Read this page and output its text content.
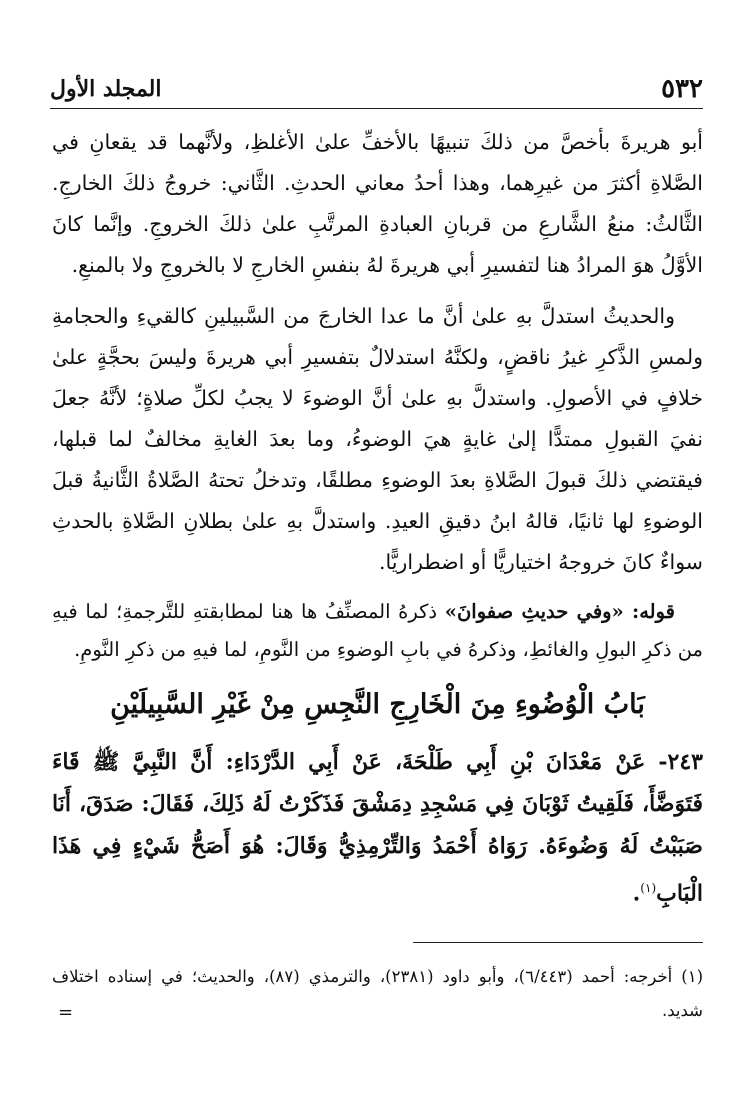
٥٣٢
المجلد الأول

أبو هريرةَ بأخصَّ من ذلكَ تنبيهًا بالأخفِّ علىٰ الأغلظِ، ولأنَّهما قد يقعانِ في الصَّلاةِ أكثرَ من غيرِهما، وهذا أحدُ معاني الحدثِ. الثَّاني: خروجُ ذلكَ الخارجِ. الثَّالثُ: منعُ الشَّارعِ من قربانِ العبادةِ المرتَّبِ علىٰ ذلكَ الخروجِ. وإنَّما كانَ الأوَّلُ هوَ المرادُ هنا لتفسيرِ أبي هريرةَ لهُ بنفسِ الخارجِ لا بالخروجِ ولا بالمنعِ.

والحديثُ استدلَّ بهِ علىٰ أنَّ ما عدا الخارجَ من السَّبيلينِ كالقيءِ والحجامةِ ولمسِ الذَّكرِ غيرُ ناقضٍ، ولكنَّهُ استدلالٌ بتفسيرِ أبي هريرةَ وليسَ بحجَّةٍ علىٰ خلافٍ في الأصولِ. واستدلَّ بهِ علىٰ أنَّ الوضوءَ لا يجبُ لكلِّ صلاةٍ؛ لأنَّهُ جعلَ نفيَ القبولِ ممتدًّا إلىٰ غايةٍ هيَ الوضوءُ، وما بعدَ الغايةِ مخالفٌ لما قبلها، فيقتضي ذلكَ قبولَ الصَّلاةِ بعدَ الوضوءِ مطلقًا، وتدخلُ تحتهُ الصَّلاةُ الثَّانيةُ قبلَ الوضوءِ لها ثانيًا، قالهُ ابنُ دقيقِ العيدِ. واستدلَّ بهِ علىٰ بطلانِ الصَّلاةِ بالحدثِ سواءٌ كانَ خروجهُ اختياريًّا أو اضطراريًّا.

قوله: «وفي حديثِ صفوانَ» ذكرهُ المصنِّفُ ها هنا لمطابقتهِ للتَّرجمةِ؛ لما فيهِ من ذكرِ البولِ والغائطِ، وذكرهُ في بابِ الوضوءِ من النَّومِ، لما فيهِ من ذكرِ النَّومِ.

بَابُ الْوُضُوءِ مِنَ الْخَارِجِ النَّجِسِ مِنْ غَيْرِ السَّبِيلَيْنِ

٢٤٣- عَنْ مَعْدَانَ بْنِ أَبِي طَلْحَةَ، عَنْ أَبِي الدَّرْدَاءِ: أَنَّ النَّبِيَّ ﷺ قَاءَ فَتَوَضَّأَ، فَلَقِيتُ ثَوْبَانَ فِي مَسْجِدِ دِمَشْقَ فَذَكَرْتُ لَهُ ذَلِكَ، فَقَالَ: صَدَقَ، أَنَا صَبَبْتُ لَهُ وَضُوءَهُ. رَوَاهُ أَحْمَدُ وَالتِّرْمِذِيُّ وَقَالَ: هُوَ أَصَحُّ شَيْءٍ فِي هَذَا الْبَابِ$^{(١)}$.

(١) أخرجه: أحمد (٦/٤٤٣)، وأبو داود (٢٣٨١)، والترمذي (٨٧)، والحديث؛ في إسناده اختلاف شديد.
=
